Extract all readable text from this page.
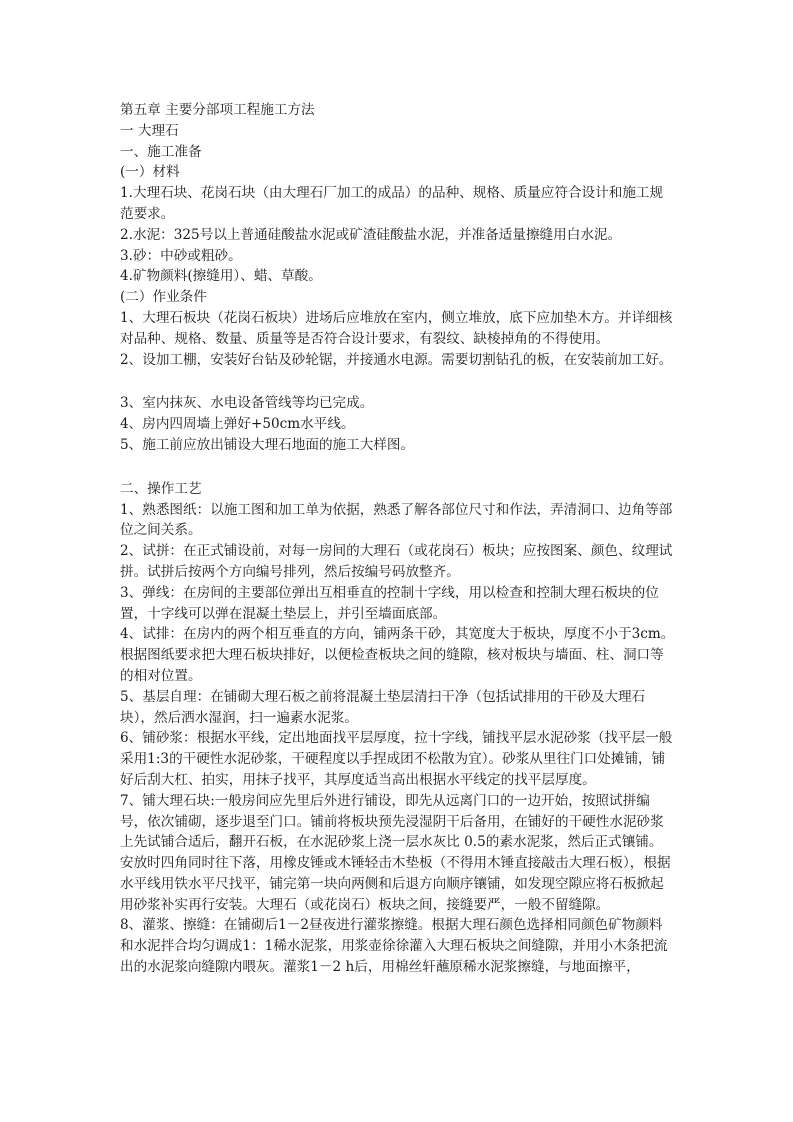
第五章 主要分部项工程施工方法

一 大理石

一、施工准备

(一）材料

1.大理石块、花岗石块（由大理石厂加工的成品）的品种、规格、质量应符合设计和施工规范要求。

2.水泥：325号以上普通硅酸盐水泥或矿渣硅酸盐水泥，并准备适量擦缝用白水泥。

3.砂：中砂或粗砂。

4.矿物颜料(擦缝用）、蜡、草酸。

(二）作业条件

1、大理石板块（花岗石板块）进场后应堆放在室内，侧立堆放，底下应加垫木方。并详细核对品种、规格、数量、质量等是否符合设计要求，有裂纹、缺棱掉角的不得使用。

2、设加工棚，安装好台钻及砂轮锯，并接通水电源。需要切割钻孔的板，在安装前加工好。

3、室内抹灰、水电设备管线等均已完成。

4、房内四周墙上弹好+50cm水平线。

5、施工前应放出铺设大理石地面的施工大样图。

二、操作工艺

1、熟悉图纸：以施工图和加工单为依据，熟悉了解各部位尺寸和作法，弄清洞口、边角等部位之间关系。

2、试拼：在正式铺设前，对每一房间的大理石（或花岗石）板块；应按图案、颜色、纹理试拼。试拼后按两个方向编号排列，然后按编号码放整齐。

3、弹线：在房间的主要部位弹出互相垂直的控制十字线，用以检查和控制大理石板块的位置，十字线可以弹在混凝土垫层上，并引至墙面底部。

4、试排：在房内的两个相互垂直的方向，铺两条干砂，其宽度大于板块，厚度不小于3cm。根据图纸要求把大理石板块排好，以便检查板块之间的缝隙，核对板块与墙面、柱、洞口等的相对位置。

5、基层自理：在铺砌大理石板之前将混凝土垫层清扫干净（包括试排用的干砂及大理石块），然后洒水湿润，扫一遍素水泥浆。

6、铺砂浆：根据水平线，定出地面找平层厚度，拉十字线，铺找平层水泥砂浆（找平层一般采用1:3的干硬性水泥砂浆，干硬程度以手捏成团不松散为宜）。砂浆从里往门口处摊铺，铺好后刮大杠、拍实，用抹子找平，其厚度适当高出根据水平线定的找平层厚度。

7、铺大理石块:一般房间应先里后外进行铺设，即先从远离门口的一边开始，按照试拼编号，依次铺砌，逐步退至门口。铺前将板块预先浸湿阴干后备用，在铺好的干硬性水泥砂浆上先试铺合适后，翻开石板，在水泥砂浆上浇一层水灰比 0.5的素水泥浆，然后正式镶铺。安放时四角同时往下落，用橡皮锤或木锤轻击木垫板（不得用木锤直接敲击大理石板），根据水平线用铁水平尺找平，铺完第一块向两侧和后退方向顺序镶铺，如发现空隙应将石板掀起用砂浆补实再行安装。大理石（或花岗石）板块之间，接缝要严，一般不留缝隙。

8、灌浆、擦缝：在铺砌后1－2昼夜进行灌浆擦缝。根据大理石颜色选择相同颜色矿物颜料和水泥拌合均匀调成1：1稀水泥浆，用浆壶徐徐灌入大理石板块之间缝隙，并用小木条把流出的水泥浆向缝隙内喂灰。灌浆1－2 h后，用棉丝轩蘸原稀水泥浆擦缝，与地面擦平，
